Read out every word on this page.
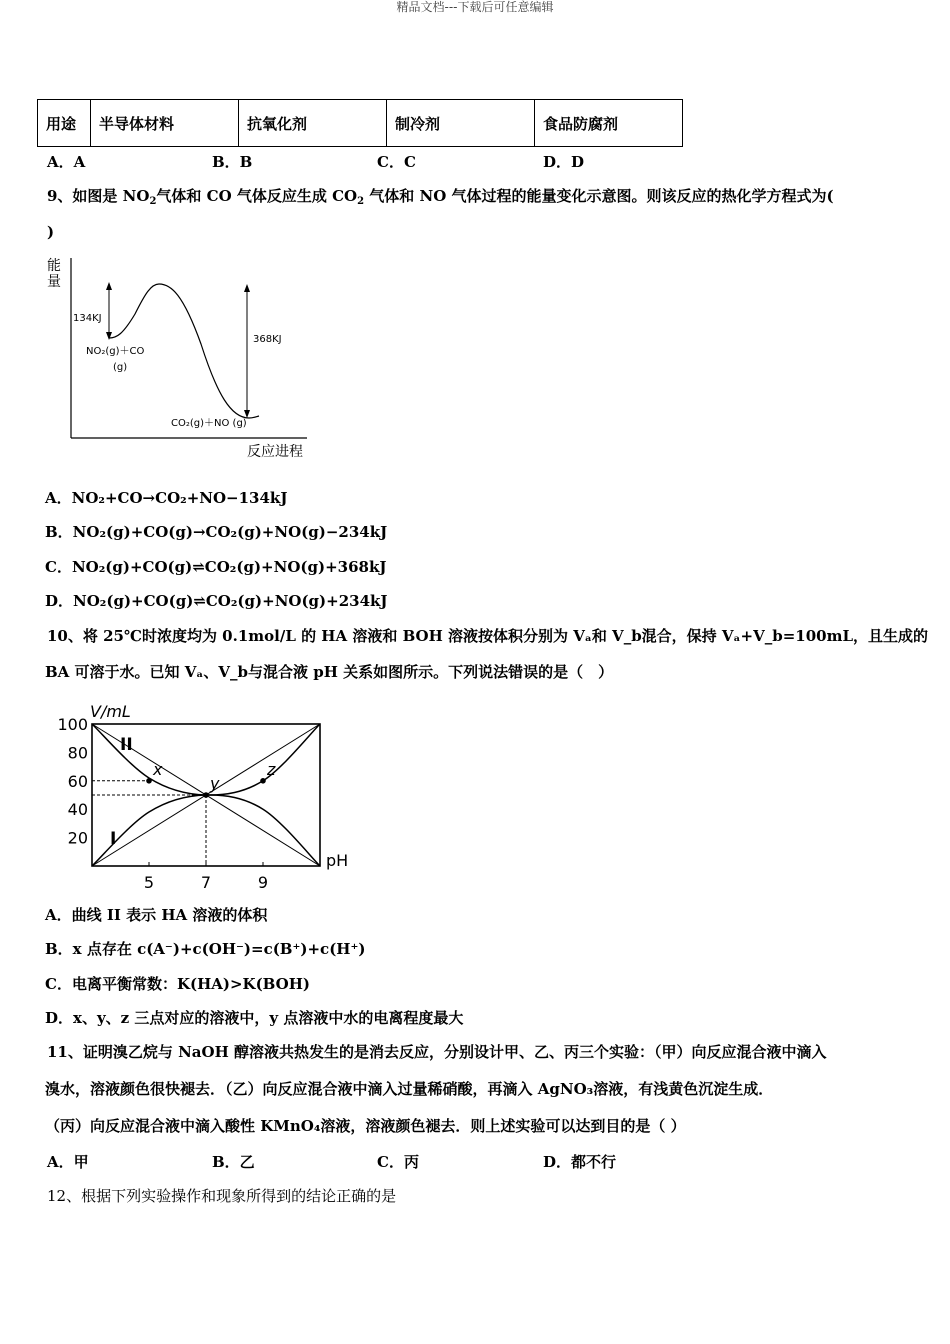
精品文档---下载后可任意编辑
用途	半导体材料	抗氧化剂	制冷剂	食品防腐剂
A．A	B．B	C．C	D．D
9、如图是 $NO_2$气体和 CO 气体反应生成 $CO_2$ 气体和 NO 气体过程的能量变化示意图。则该反应的热化学方程式为(
)
能
量
134KJ
368KJ
NO₂(g)＋CO
(g)
CO₂(g)＋NO (g)
反应进程
A．NO₂+CO→CO₂+NO−134kJ
B．NO₂(g)+CO(g)→CO₂(g)+NO(g)−234kJ
C．NO₂(g)+CO(g)⇌CO₂(g)+NO(g)+368kJ
D．NO₂(g)+CO(g)⇌CO₂(g)+NO(g)+234kJ
10、将 25℃时浓度均为 0.1mol/L 的 HA 溶液和 BOH 溶液按体积分别为 Vₐ和 V_b混合，保持 Vₐ+V_b=100mL，且生成的
BA 可溶于水。已知 Vₐ、V_b与混合液 pH 关系如图所示。下列说法错误的是（　）
V/mL
100
80
60
40
20
5	7	9
x
y
z
II
I
pH
A．曲线 II 表示 HA 溶液的体积
B．x 点存在 c(A⁻)+c(OH⁻)=c(B⁺)+c(H⁺)
C．电离平衡常数：K(HA)>K(BOH)
D．x、y、z 三点对应的溶液中，y 点溶液中水的电离程度最大
11、证明溴乙烷与 NaOH 醇溶液共热发生的是消去反应，分别设计甲、乙、丙三个实验：（甲）向反应混合液中滴入
溴水，溶液颜色很快褪去．（乙）向反应混合液中滴入过量稀硝酸，再滴入 AgNO₃溶液，有浅黄色沉淀生成．
（丙）向反应混合液中滴入酸性 KMnO₄溶液，溶液颜色褪去．则上述实验可以达到目的是（ ）
A．甲	B．乙	C．丙	D．都不行
12、根据下列实验操作和现象所得到的结论正确的是
